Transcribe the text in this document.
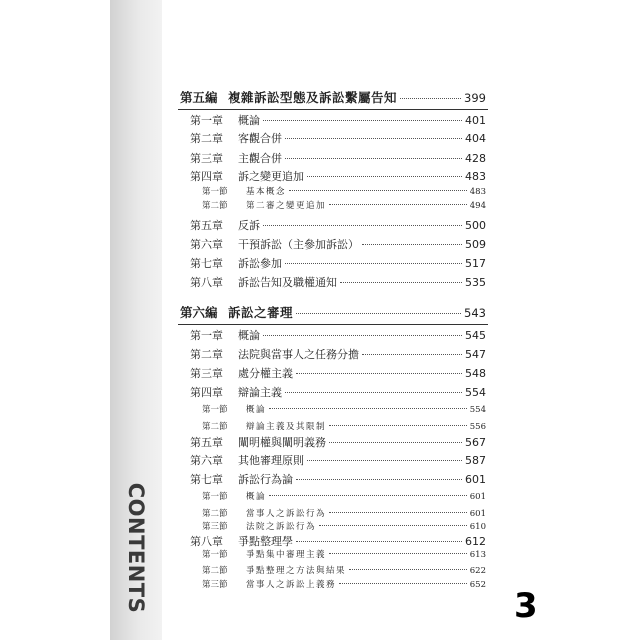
CONTENTS
第五編 複雜訴訟型態及訴訟繫屬告知	399
第一章	概論	401
第二章	客觀合併	404
第三章	主觀合併	428
第四章	訴之變更追加	483
第一節	基本概念	483
第二節	第二審之變更追加	494
第五章	反訴	500
第六章	干預訴訟（主參加訴訟）	509
第七章	訴訟參加	517
第八章	訴訟告知及職權通知	535
第六編 訴訟之審理	543
第一章	概論	545
第二章	法院與當事人之任務分擔	547
第三章	處分權主義	548
第四章	辯論主義	554
第一節	概論	554
第二節	辯論主義及其限制	556
第五章	闡明權與闡明義務	567
第六章	其他審理原則	587
第七章	訴訟行為論	601
第一節	概論	601
第二節	當事人之訴訟行為	601
第三節	法院之訴訟行為	610
第八章	爭點整理學	612
第一節	爭點集中審理主義	613
第二節	爭點整理之方法與結果	622
第三節	當事人之訴訟上義務	652
3
